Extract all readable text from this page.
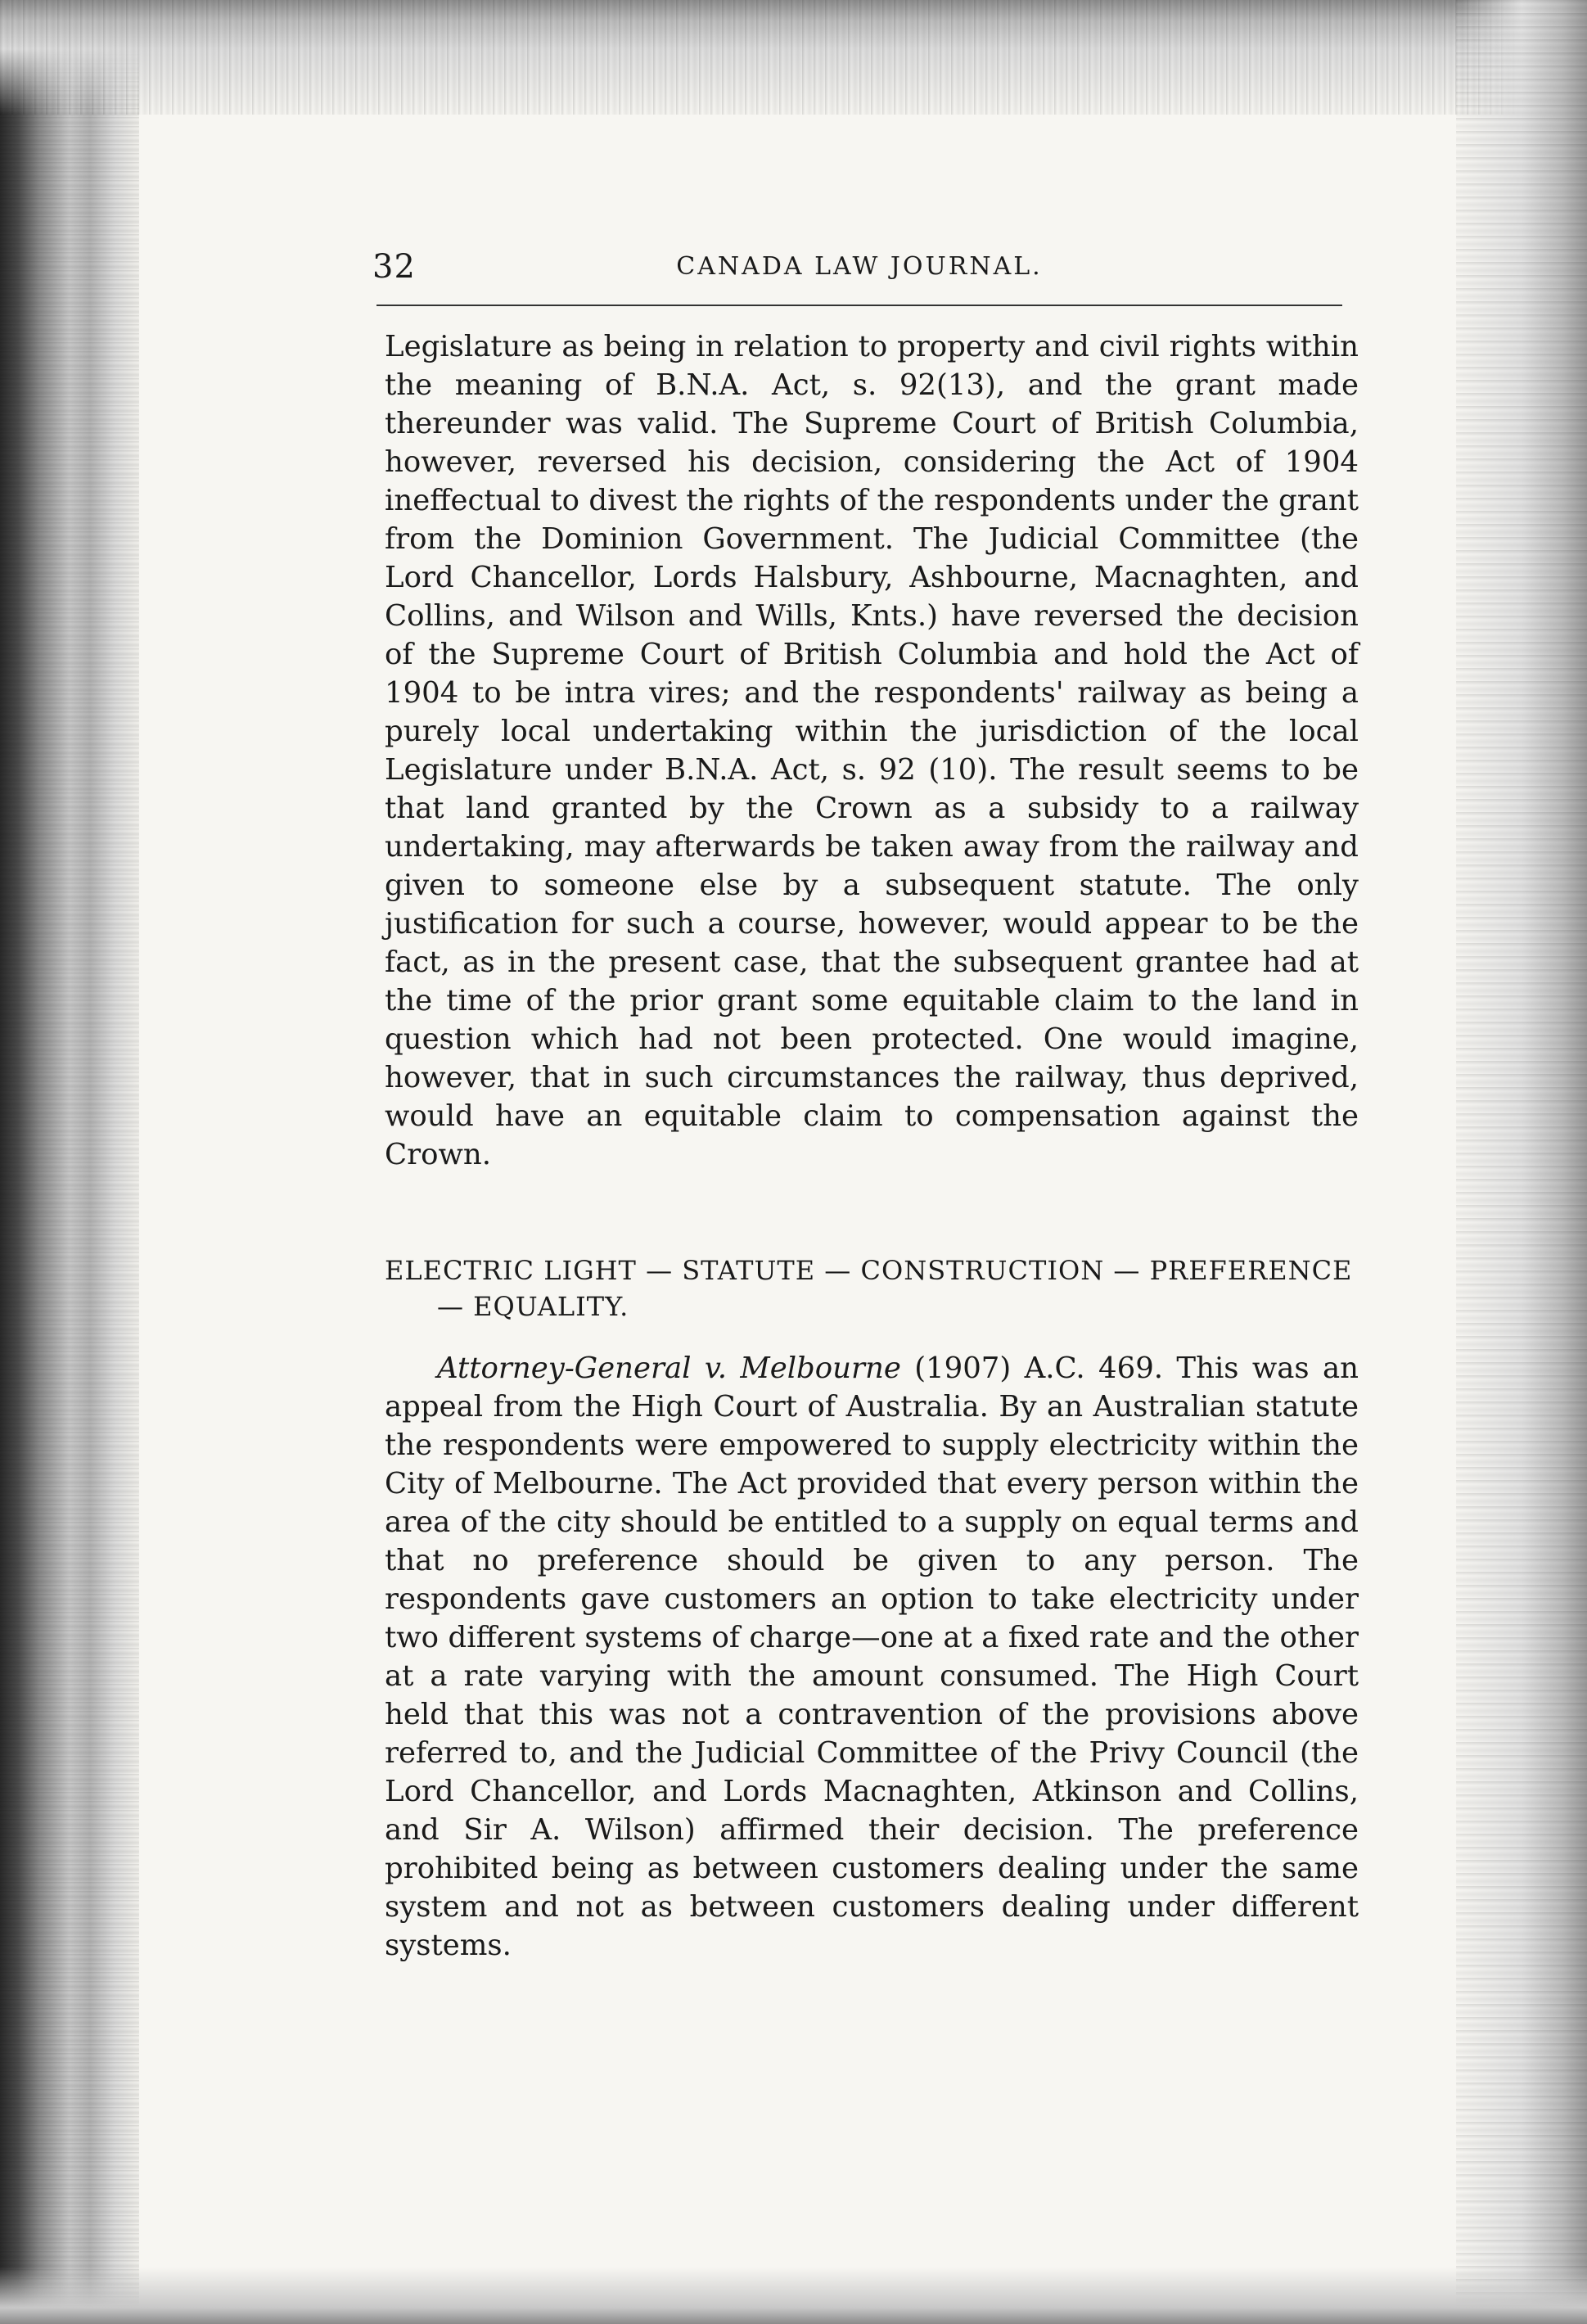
32	CANADA LAW JOURNAL.

Legislature as being in relation to property and civil rights within the meaning of B.N.A. Act, s. 92(13), and the grant made thereunder was valid. The Supreme Court of British Columbia, however, reversed his decision, considering the Act of 1904 ineffectual to divest the rights of the respondents under the grant from the Dominion Government. The Judicial Committee (the Lord Chancellor, Lords Halsbury, Ashbourne, Macnaghten, and Collins, and Wilson and Wills, Knts.) have reversed the decision of the Supreme Court of British Columbia and hold the Act of 1904 to be intra vires; and the respondents' railway as being a purely local undertaking within the jurisdiction of the local Legislature under B.N.A. Act, s. 92 (10). The result seems to be that land granted by the Crown as a subsidy to a railway undertaking, may afterwards be taken away from the railway and given to someone else by a subsequent statute. The only justification for such a course, however, would appear to be the fact, as in the present case, that the subsequent grantee had at the time of the prior grant some equitable claim to the land in question which had not been protected. One would imagine, however, that in such circumstances the railway, thus deprived, would have an equitable claim to compensation against the Crown.

ELECTRIC LIGHT — STATUTE — CONSTRUCTION — PREFERENCE — EQUALITY.

Attorney-General v. Melbourne (1907) A.C. 469. This was an appeal from the High Court of Australia. By an Australian statute the respondents were empowered to supply electricity within the City of Melbourne. The Act provided that every person within the area of the city should be entitled to a supply on equal terms and that no preference should be given to any person. The respondents gave customers an option to take electricity under two different systems of charge—one at a fixed rate and the other at a rate varying with the amount consumed. The High Court held that this was not a contravention of the provisions above referred to, and the Judicial Committee of the Privy Council (the Lord Chancellor, and Lords Macnaghten, Atkinson and Collins, and Sir A. Wilson) affirmed their decision. The preference prohibited being as between customers dealing under the same system and not as between customers dealing under different systems.
